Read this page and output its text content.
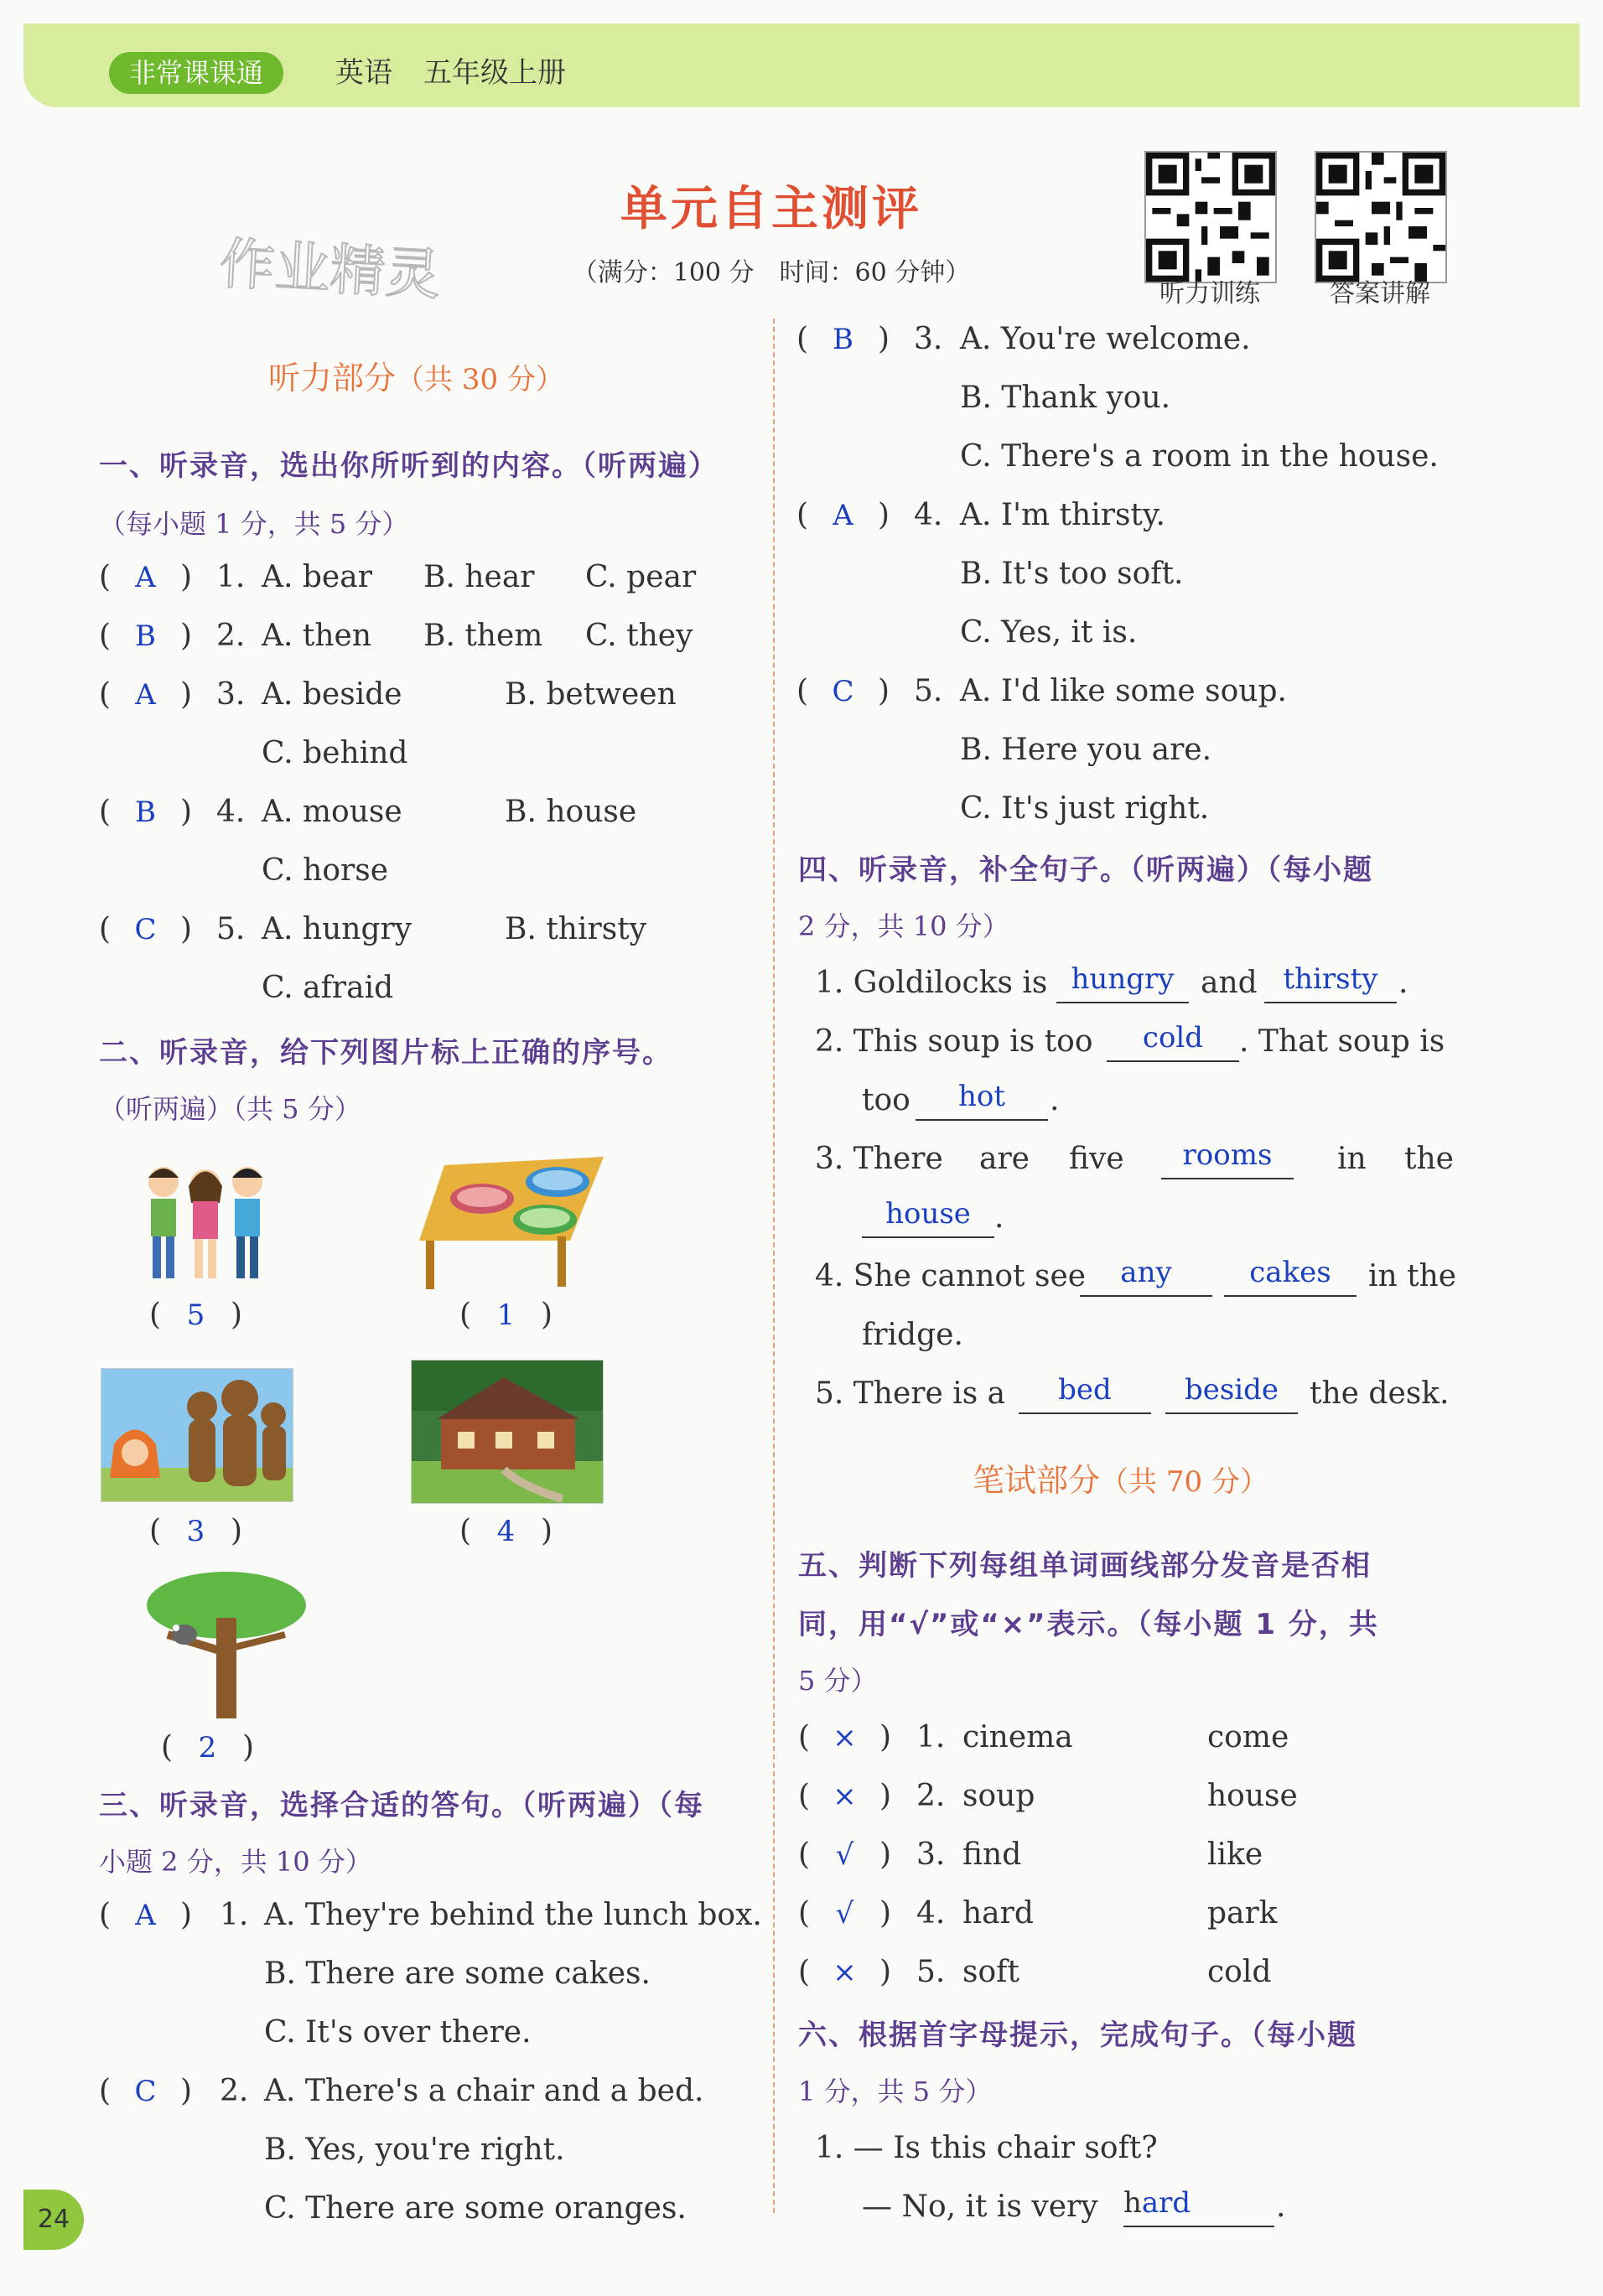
非常课课通	英语 五年级上册
作业精灵
单元自主测评
（满分：100 分　时间：60 分钟）
听力训练	答案讲解
听力部分（共 30 分）
一、听录音，选出你所听到的内容。（听两遍）
（每小题 1 分，共 5 分）
( A ) 1. A. bear B. hear C. pear
( B ) 2. A. then B. them C. they
( A ) 3. A. beside	B. between
C. behind
( B ) 4. A. mouse	B. house
C. horse
( C ) 5. A. hungry	B. thirsty
C. afraid
二、听录音，给下列图片标上正确的序号。
（听两遍）（共 5 分）
( 5 )	( 1 )
( 3 )	( 4 )
( 2 )
三、听录音，选择合适的答句。（听两遍）（每
小题 2 分，共 10 分）
( A ) 1. A. They're behind the lunch box.
B. There are some cakes.
C. It's over there.
( C ) 2. A. There's a chair and a bed.
B. Yes, you're right.
C. There are some oranges.
( B ) 3. A. You're welcome.
B. Thank you.
C. There's a room in the house.
( A ) 4. A. I'm thirsty.
B. It's too soft.
C. Yes, it is.
( C ) 5. A. I'd like some soup.
B. Here you are.
C. It's just right.
四、听录音，补全句子。（听两遍）（每小题
2 分，共 10 分）
1. Goldilocks is hungry and thirsty .
2. This soup is too	cold	. That soup is
too	hot	.
3. There are five	rooms	in the
house .
4. She cannot see	any	cakes	in the
fridge.
5. There is a	bed	beside	the desk.
笔试部分（共 70 分）
五、判断下列每组单词画线部分发音是否相
同，用“√”或“×”表示。（每小题 1 分，共
5 分）
( × ) 1. cinema	come
( × ) 2. soup	house
( √ ) 3. find	like
( √ ) 4. hard	park
( × ) 5. soft	cold
六、根据首字母提示，完成句子。（每小题
1 分，共 5 分）
1. — Is this chair soft?
— No, it is very hard	.
24
